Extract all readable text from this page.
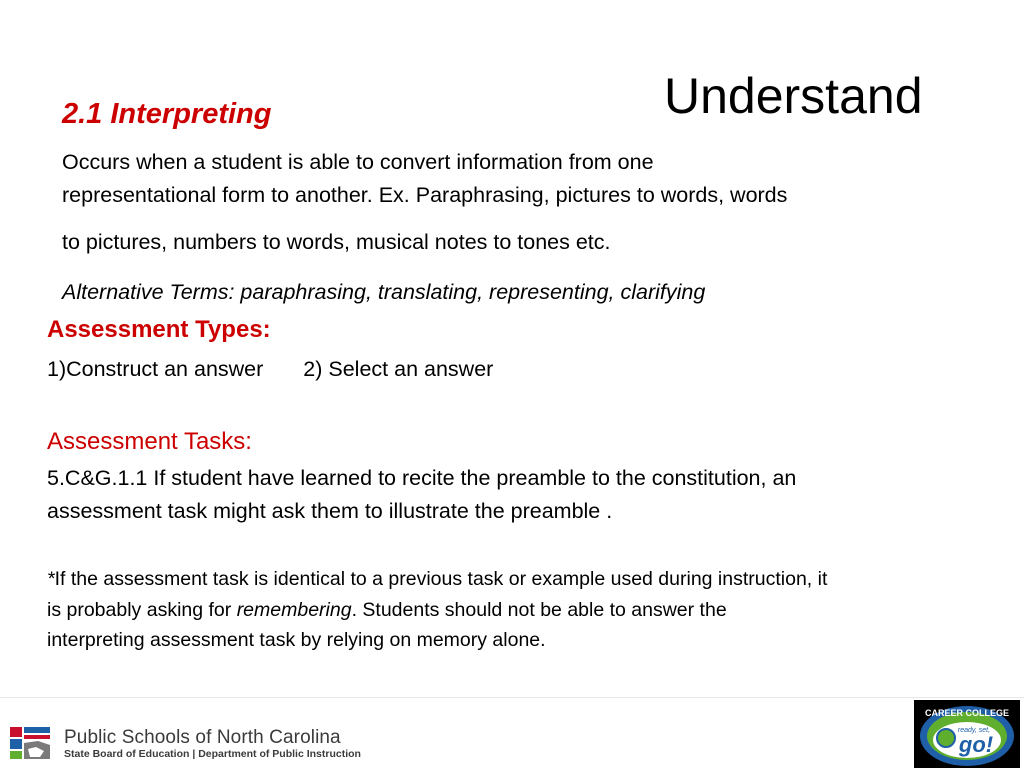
Understand
2.1 Interpreting
Occurs when a student is able to convert information from one
representational form to another. Ex. Paraphrasing, pictures to words, words
to pictures, numbers to words, musical notes to tones etc.
Alternative Terms: paraphrasing, translating, representing, clarifying
Assessment Types:
1)Construct an answer 2) Select an answer
Assessment Tasks:
5.C&G.1.1 If student have learned to recite the preamble to the constitution, an
assessment task might ask them to illustrate the preamble .
*If the assessment task is identical to a previous task or example used during instruction, it
is probably asking for remembering. Students should not be able to answer the
interpreting assessment task by relying on memory alone.
Public Schools of North Carolina
State Board of Education | Department of Public Instruction
CAREER COLLEGE
ready, set,
go!
